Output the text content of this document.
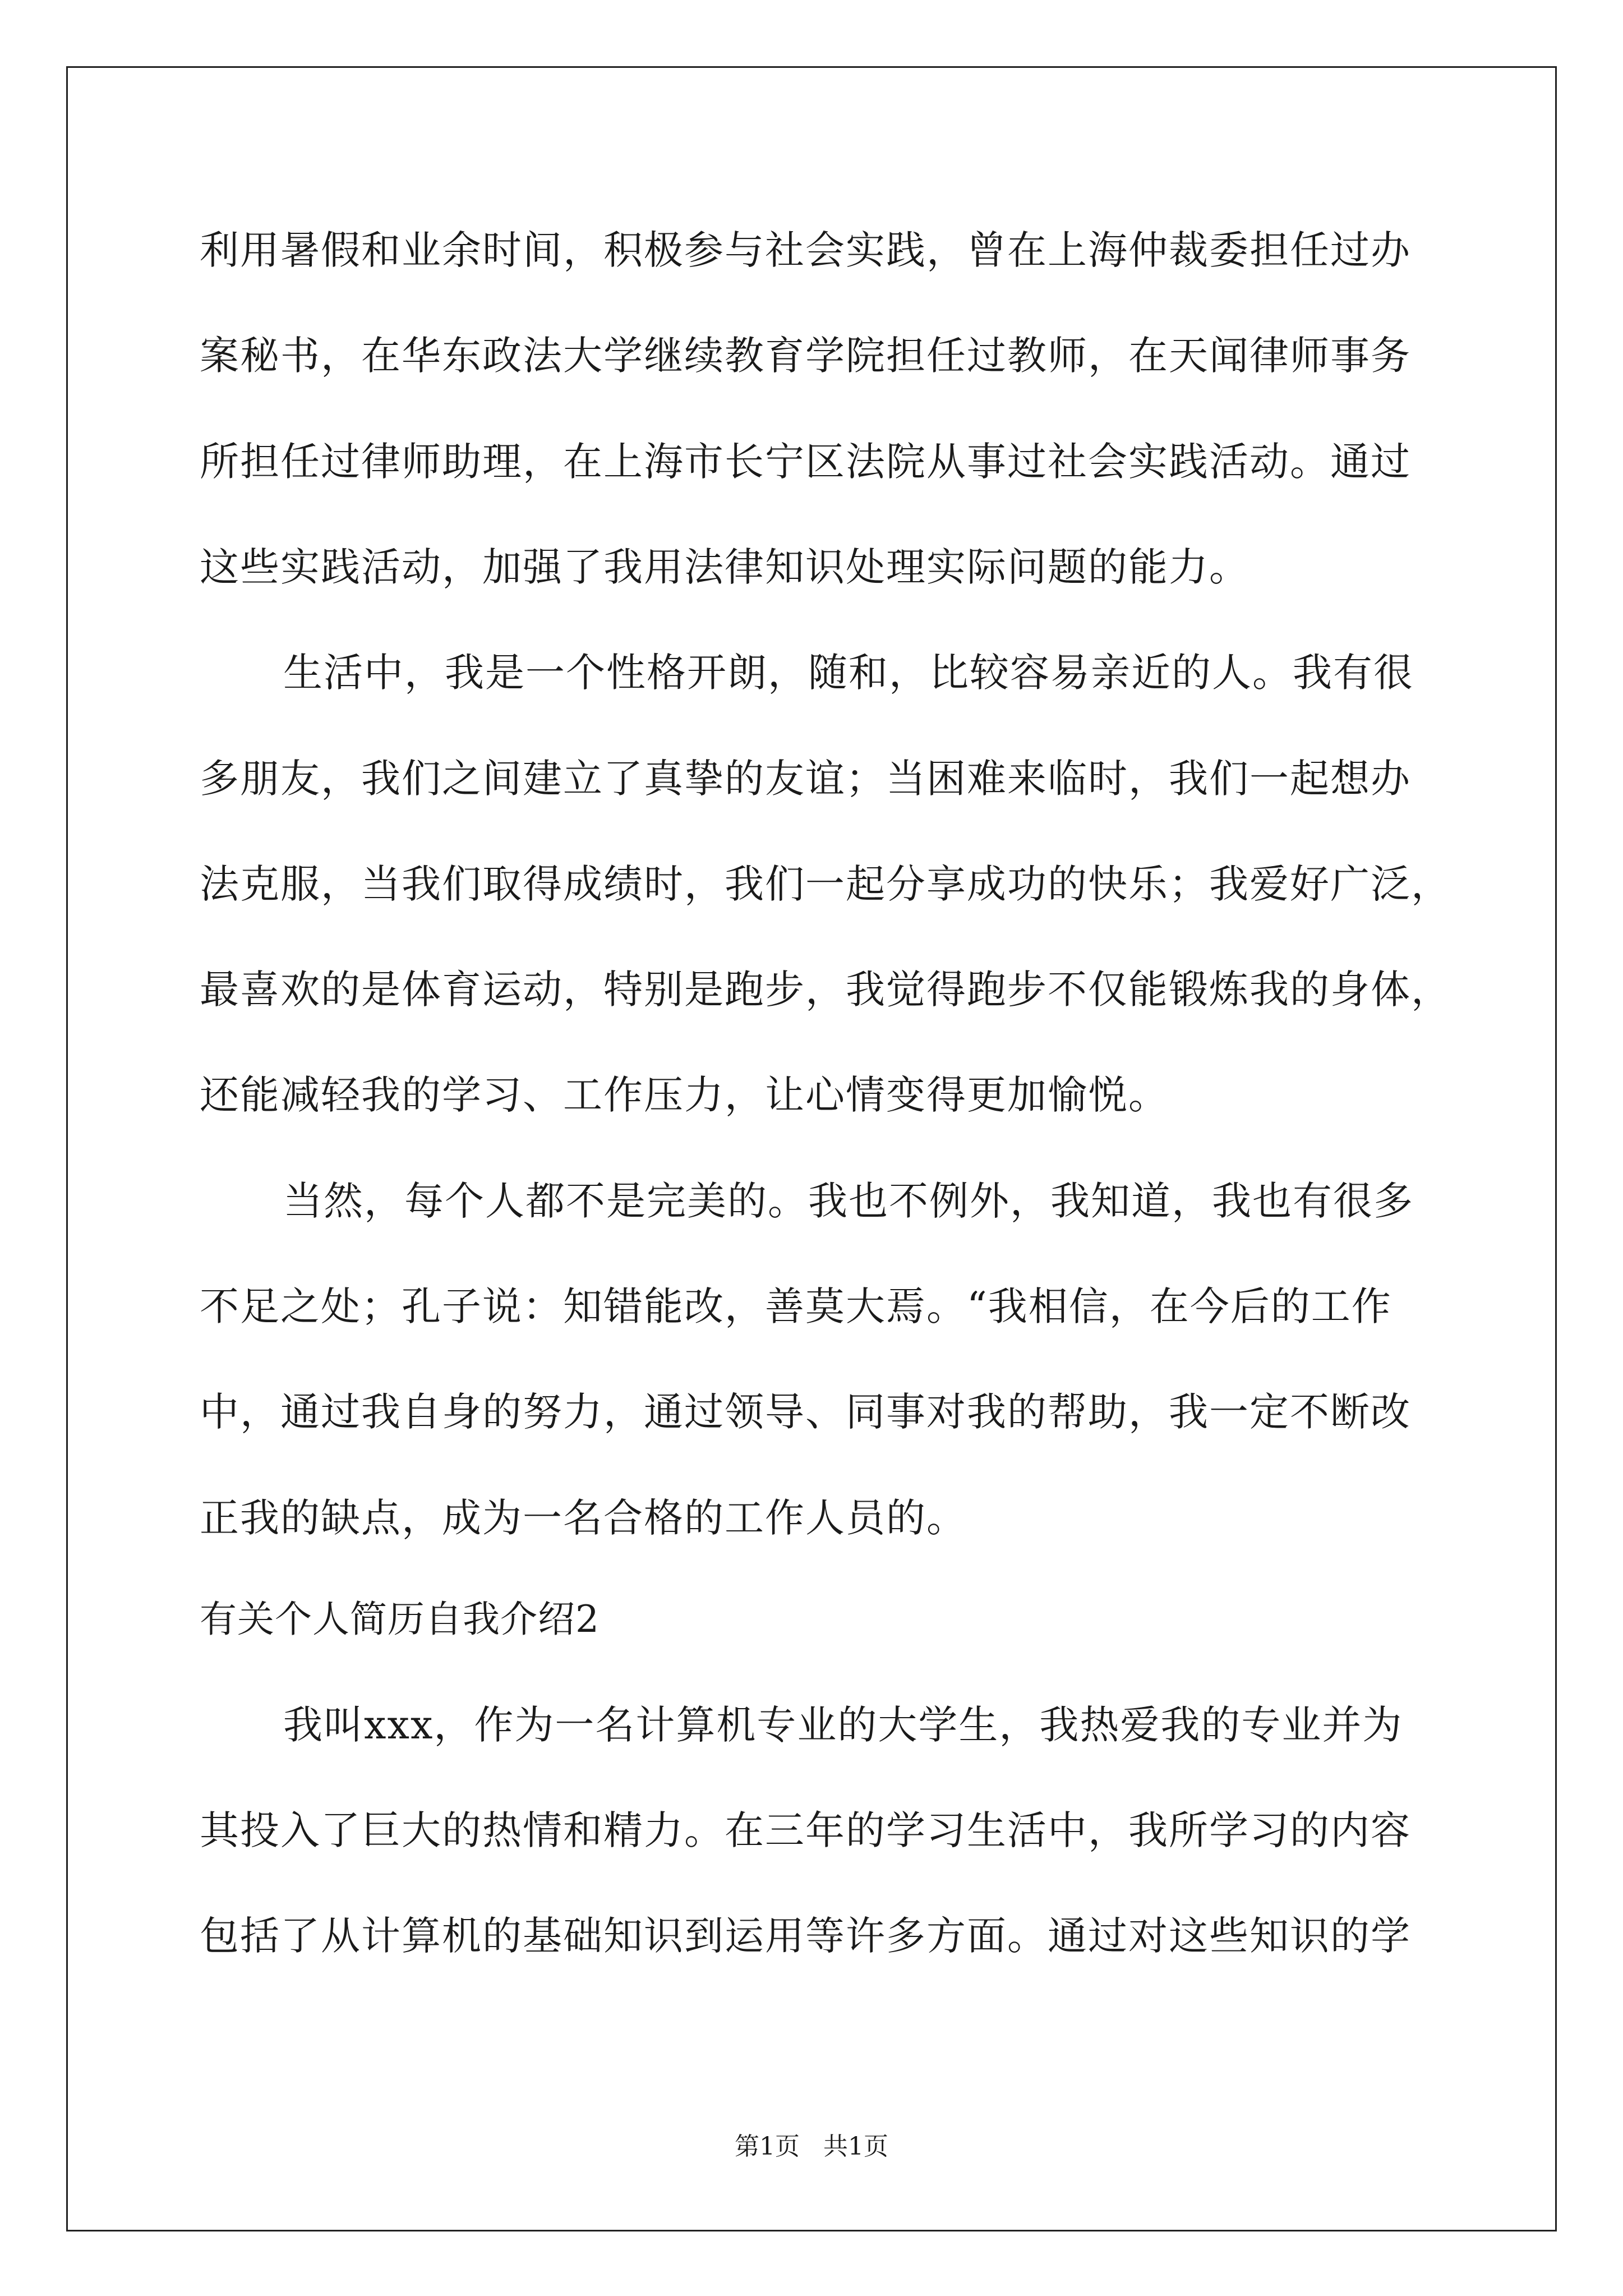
利用暑假和业余时间，积极参与社会实践，曾在上海仲裁委担任过办
案秘书，在华东政法大学继续教育学院担任过教师，在天闻律师事务
所担任过律师助理，在上海市长宁区法院从事过社会实践活动。通过
这些实践活动，加强了我用法律知识处理实际问题的能力。
生活中，我是一个性格开朗，随和，比较容易亲近的人。我有很
多朋友，我们之间建立了真挚的友谊；当困难来临时，我们一起想办
法克服，当我们取得成绩时，我们一起分享成功的快乐；我爱好广泛，
最喜欢的是体育运动，特别是跑步，我觉得跑步不仅能锻炼我的身体，
还能减轻我的学习、工作压力，让心情变得更加愉悦。
当然，每个人都不是完美的。我也不例外，我知道，我也有很多
不足之处；孔子说：知错能改，善莫大焉。“我相信，在今后的工作
中，通过我自身的努力，通过领导、同事对我的帮助，我一定不断改
正我的缺点，成为一名合格的工作人员的。
有关个人简历自我介绍2
我叫xxx，作为一名计算机专业的大学生，我热爱我的专业并为
其投入了巨大的热情和精力。在三年的学习生活中，我所学习的内容
包括了从计算机的基础知识到运用等许多方面。通过对这些知识的学
第1页   共1页
